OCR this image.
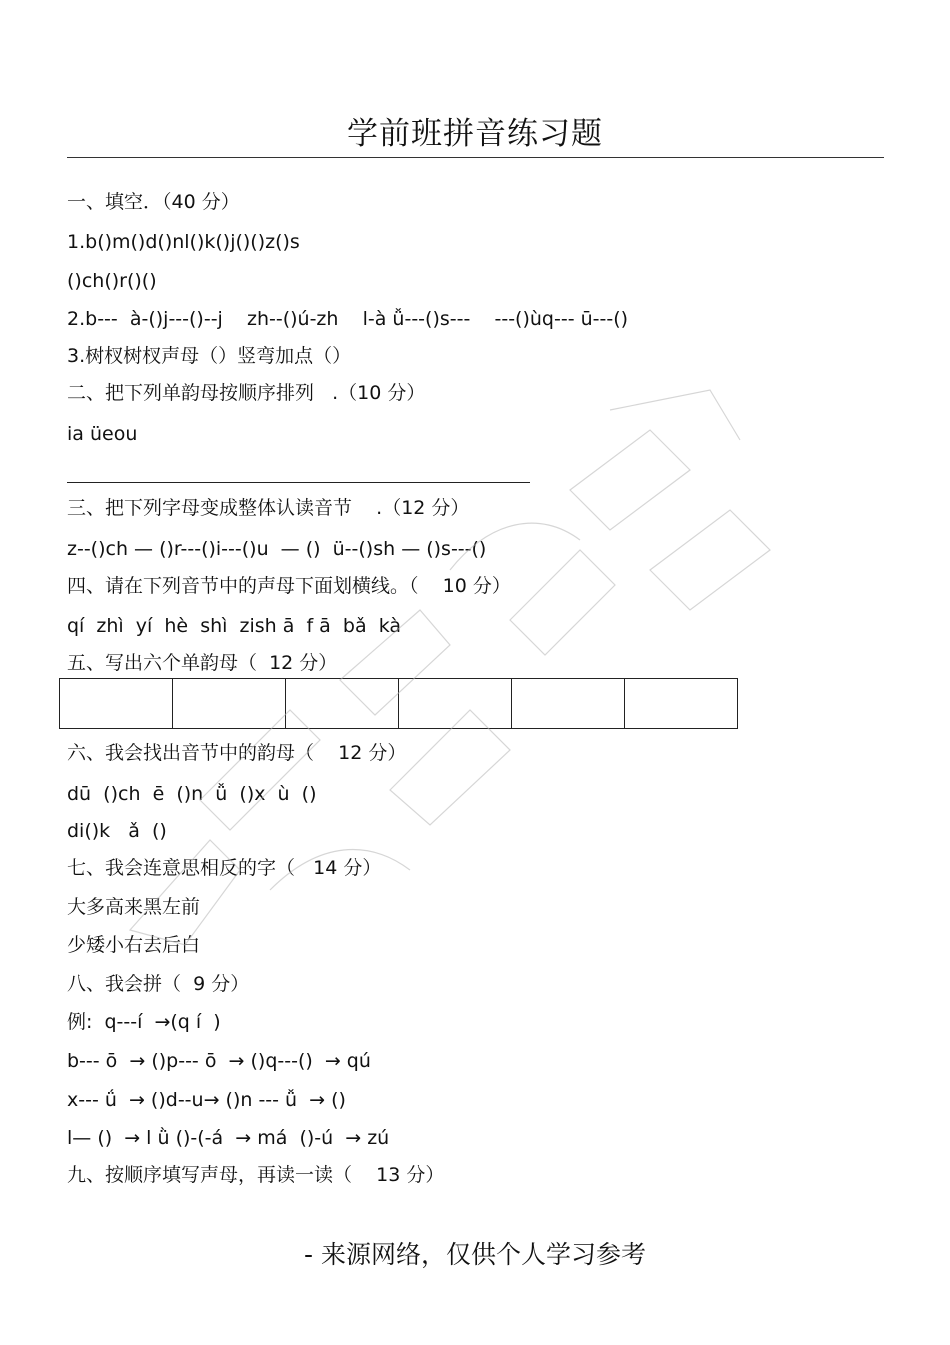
学前班拼音练习题
一、填空．（40 分）
1.b()m()d()nl()k()j()()z()s
()ch()r()()
2.b---  à-()j---()--j    zh--()ú-zh    l-à ǚ---()s---    ---()ùq--- ū---()
3.树杈树杈声母（）竖弯加点（）
二、把下列单韵母按顺序排列   .（10 分）
ia üeou
三、把下列字母变成整体认读音节    .（12 分）
z--()ch — ()r---()i---()u  — ()  ü--()sh — ()s---()
四、请在下列音节中的声母下面划横线。（    10 分）
qí  zhì  yí  hè  shì  zish ā  f ā  bǎ  kà
五、写出六个单韵母（  12 分）
六、我会找出音节中的韵母（    12 分）
dū  ()ch  ē  ()n  ǚ  ()x  ù  ()
di()k   ǎ  ()
七、我会连意思相反的字（   14 分）
大多高来黑左前
少矮小右去后白
八、我会拼（  9 分）
例:  q---í  →(q í  )
b--- ō  → ()p--- ō  → ()q---()  → qú
x--- ǘ  → ()d--u→ ()n --- ǚ  → ()
l— ()  → l ǜ ()-(-á  → má  ()-ú  → zú
九、按顺序填写声母，再读一读（    13 分）
- 来源网络，仅供个人学习参考
